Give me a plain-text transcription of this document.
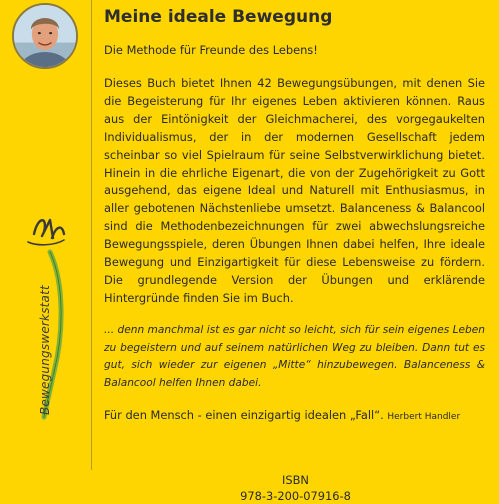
Bewegungswerkstatt
Meine ideale Bewegung
Die Methode für Freunde des Lebens!

Dieses Buch bietet Ihnen 42 Bewegungsübungen, mit denen Sie die Begeisterung für Ihr eigenes Leben aktivieren können. Raus aus der Eintönigkeit der Gleichmacherei, des vorgegaukelten Individualismus, der in der modernen Gesellschaft jedem scheinbar so viel Spielraum für seine Selbstverwirklichung bietet. Hinein in die ehrliche Eigenart, die von der Zugehörigkeit zu Gott ausgehend, das eigene Ideal und Naturell mit Enthusiasmus, in aller gebotenen Nächstenliebe umsetzt. Balanceness & Balancool sind die Methodenbezeichnungen für zwei abwechslungsreiche Bewegungsspiele, deren Übungen Ihnen dabei helfen, Ihre ideale Bewegung und Einzigartigkeit für diese Lebensweise zu fördern. Die grundlegende Version der Übungen und erklärende Hintergründe finden Sie im Buch.

... denn manchmal ist es gar nicht so leicht, sich für sein eigenes Leben zu begeistern und auf seinem natürlichen Weg zu bleiben. Dann tut es gut, sich wieder zur eigenen „Mitte“ hinzubewegen. Balanceness & Balancool helfen Ihnen dabei.

Für den Mensch - einen einzigartig idealen „Fall“. Herbert Handler

ISBN
978-3-200-07916-8
